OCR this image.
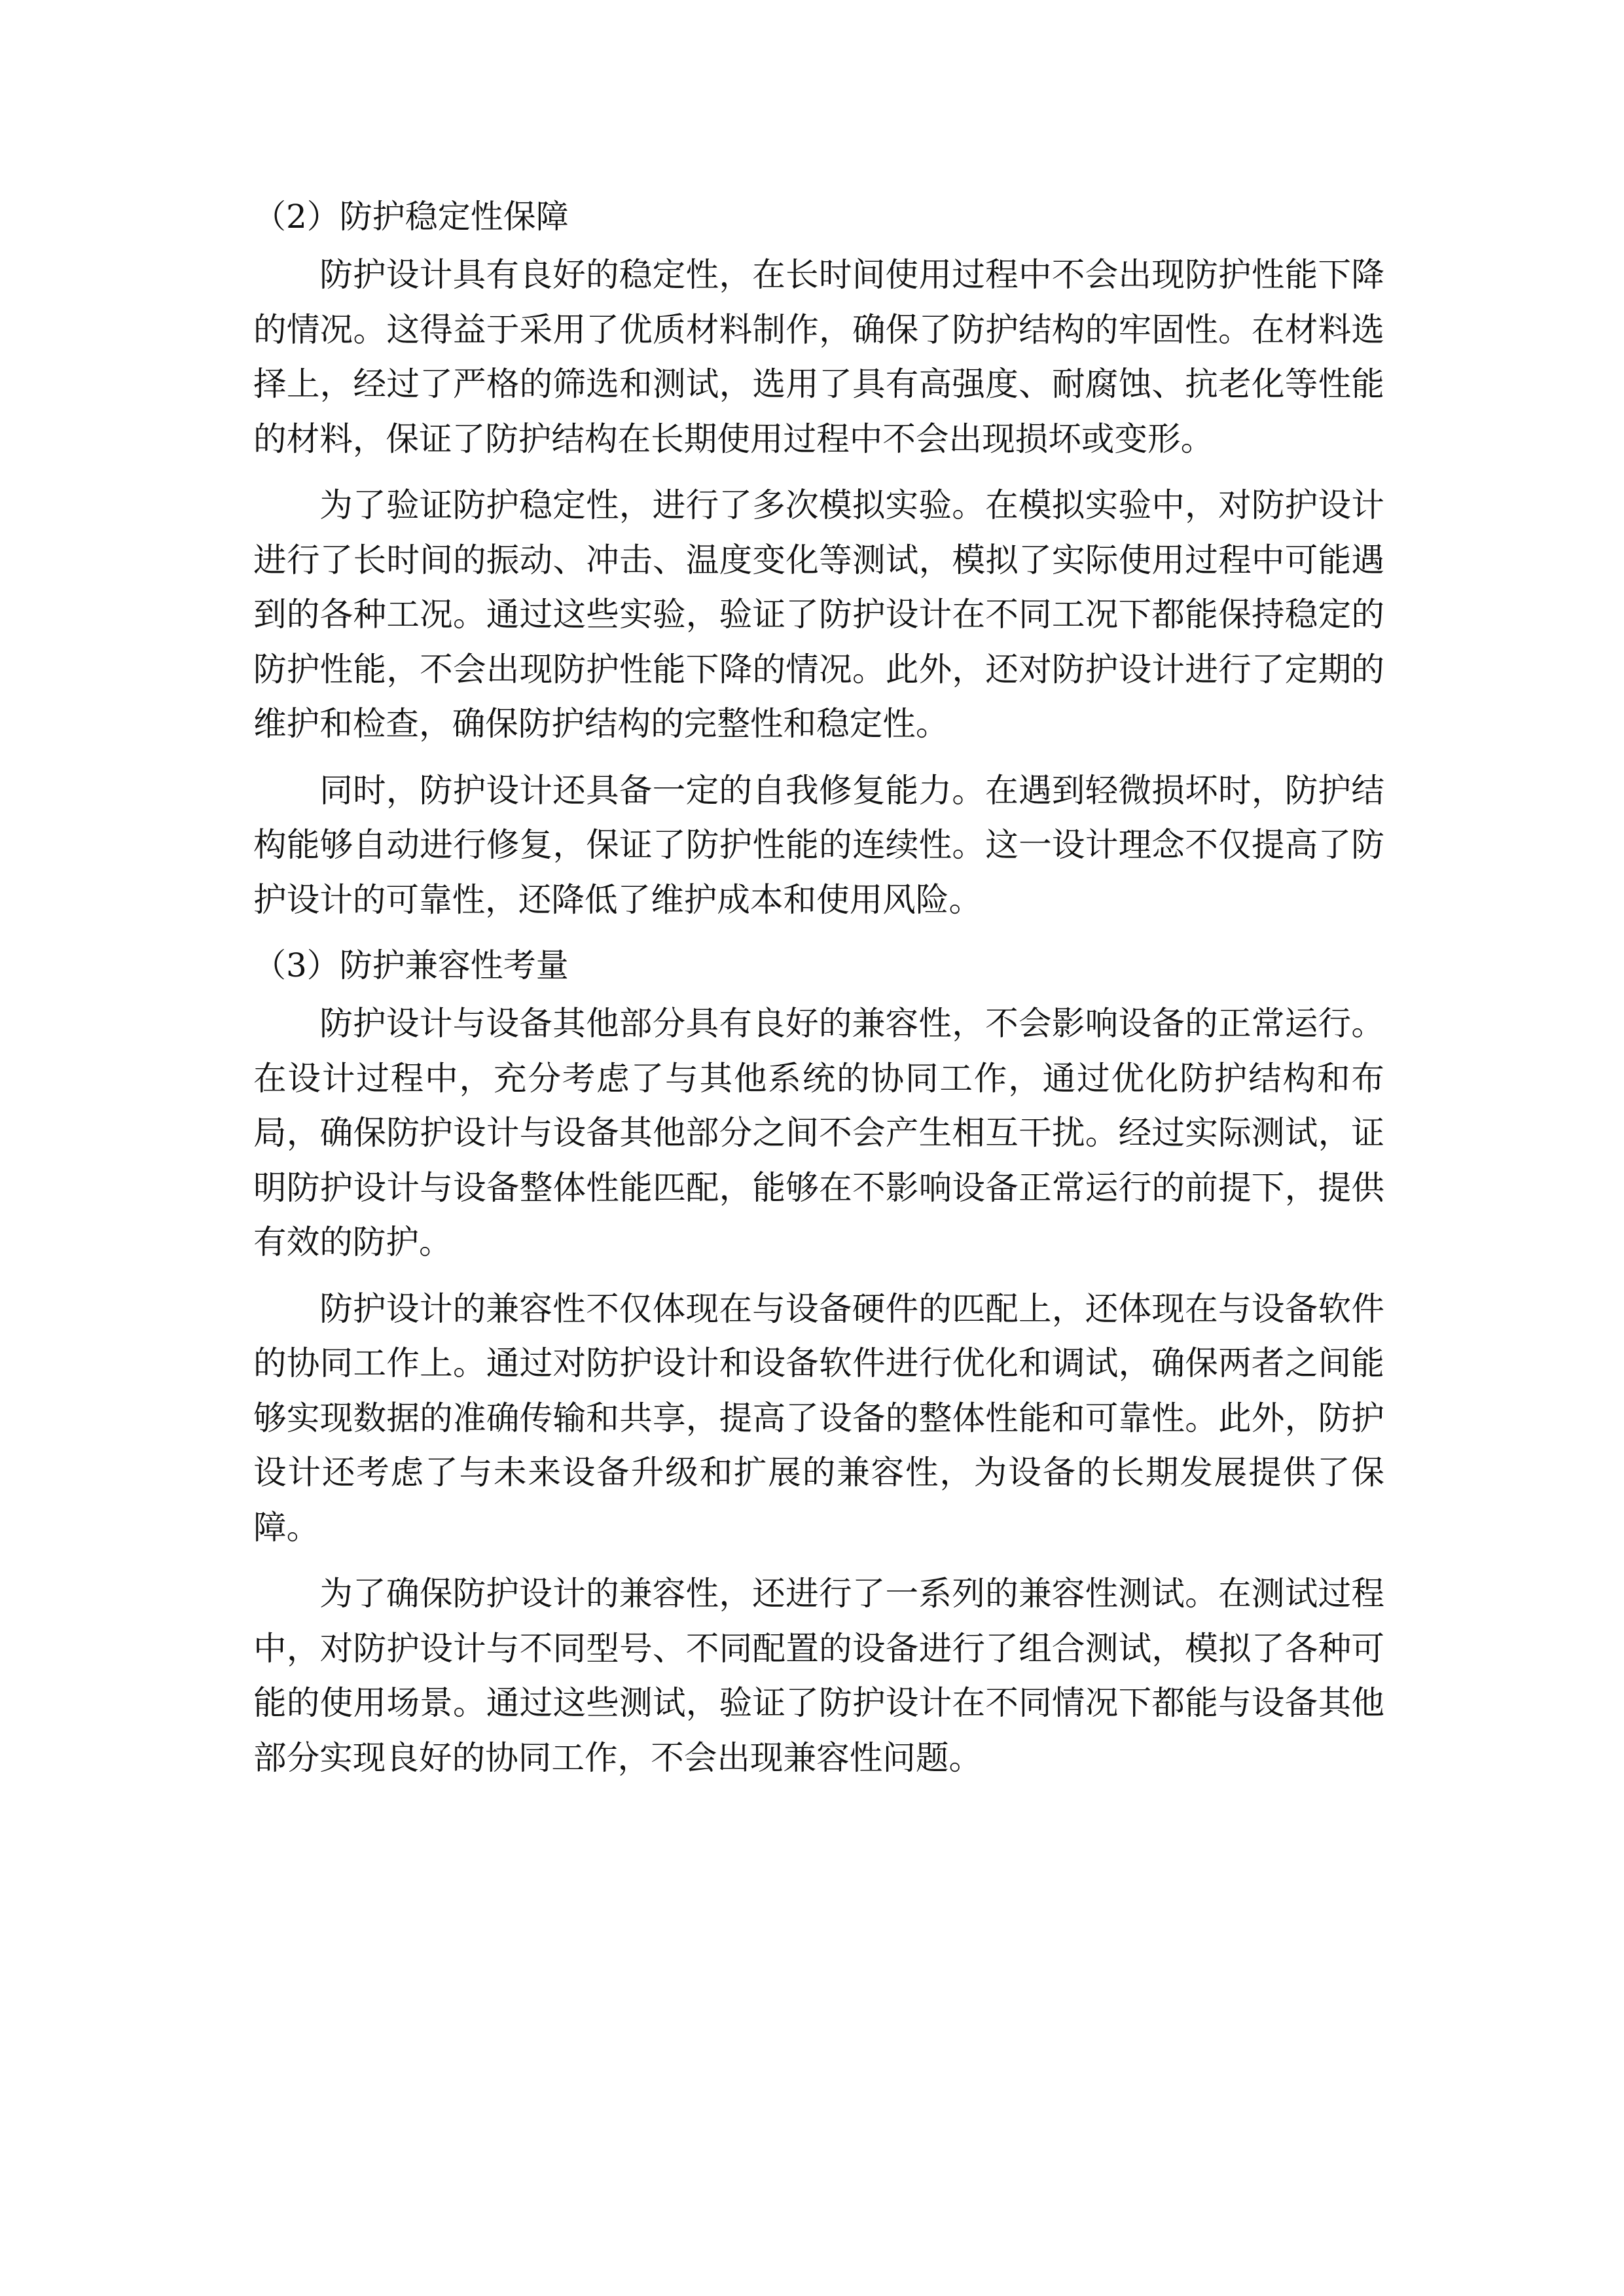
（2）防护稳定性保障

防护设计具有良好的稳定性，在长时间使用过程中不会出现防护性能下降的情况。这得益于采用了优质材料制作，确保了防护结构的牢固性。在材料选择上，经过了严格的筛选和测试，选用了具有高强度、耐腐蚀、抗老化等性能的材料，保证了防护结构在长期使用过程中不会出现损坏或变形。

为了验证防护稳定性，进行了多次模拟实验。在模拟实验中，对防护设计进行了长时间的振动、冲击、温度变化等测试，模拟了实际使用过程中可能遇到的各种工况。通过这些实验，验证了防护设计在不同工况下都能保持稳定的防护性能，不会出现防护性能下降的情况。此外，还对防护设计进行了定期的维护和检查，确保防护结构的完整性和稳定性。

同时，防护设计还具备一定的自我修复能力。在遇到轻微损坏时，防护结构能够自动进行修复，保证了防护性能的连续性。这一设计理念不仅提高了防护设计的可靠性，还降低了维护成本和使用风险。

（3）防护兼容性考量

防护设计与设备其他部分具有良好的兼容性，不会影响设备的正常运行。在设计过程中，充分考虑了与其他系统的协同工作，通过优化防护结构和布局，确保防护设计与设备其他部分之间不会产生相互干扰。经过实际测试，证明防护设计与设备整体性能匹配，能够在不影响设备正常运行的前提下，提供有效的防护。

防护设计的兼容性不仅体现在与设备硬件的匹配上，还体现在与设备软件的协同工作上。通过对防护设计和设备软件进行优化和调试，确保两者之间能够实现数据的准确传输和共享，提高了设备的整体性能和可靠性。此外，防护设计还考虑了与未来设备升级和扩展的兼容性，为设备的长期发展提供了保障。

为了确保防护设计的兼容性，还进行了一系列的兼容性测试。在测试过程中，对防护设计与不同型号、不同配置的设备进行了组合测试，模拟了各种可能的使用场景。通过这些测试，验证了防护设计在不同情况下都能与设备其他部分实现良好的协同工作，不会出现兼容性问题。
